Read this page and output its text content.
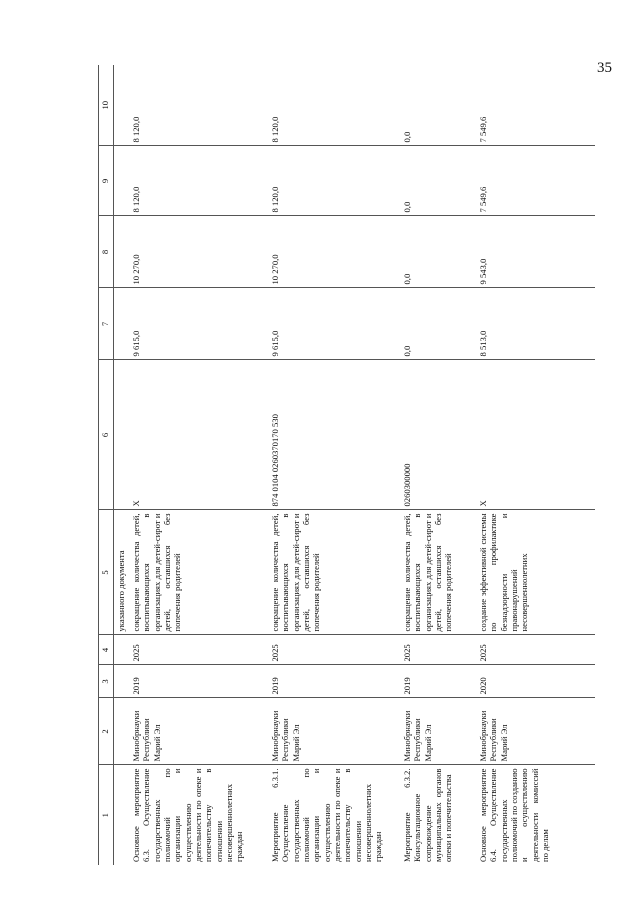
35
1	2	3	4	5	6	7	8	9	10
				указанного документа					
Основное мероприятие 6.3. Осуществление государственных полномочий по организации и осуществлению деятельности по опеке и попечительству в отношении несовершеннолетних граждан	Минобрнауки Республики Марий Эл	2019	2025	сокращение количества детей, воспитывающихся в организациях для детей-сирот и детей, оставшихся без попечения родителей	X	9 615,0	10 270,0	8 120,0	8 120,0
Мероприятие 6.3.1. Осуществление государственных полномочий по организации и осуществлению деятельности по опеке и попечительству в отношении несовершеннолетних граждан	Минобрнауки Республики Марий Эл	2019	2025	сокращение количества детей, воспитывающихся в организациях для детей-сирот и детей, оставшихся без попечения родителей	874 0104 0260370170 530	9 615,0	10 270,0	8 120,0	8 120,0
Мероприятие 6.3.2. Консультационное сопровождение муниципальных органов опеки и попечительства	Минобрнауки Республики Марий Эл	2019	2025	сокращение количества детей, воспитывающихся в организациях для детей-сирот и детей, оставшихся без попечения родителей	0260300000	0,0	0,0	0,0	0,0
Основное мероприятие 6.4. Осуществление государственных полномочий по созданию и осуществлению деятельности комиссий по делам	Минобрнауки Республики Марий Эл	2020	2025	создание эффективной системы по профилактике безнадзорности и правонарушений несовершеннолетних	X	8 513,0	9 543,0	7 549,6	7 549,6
